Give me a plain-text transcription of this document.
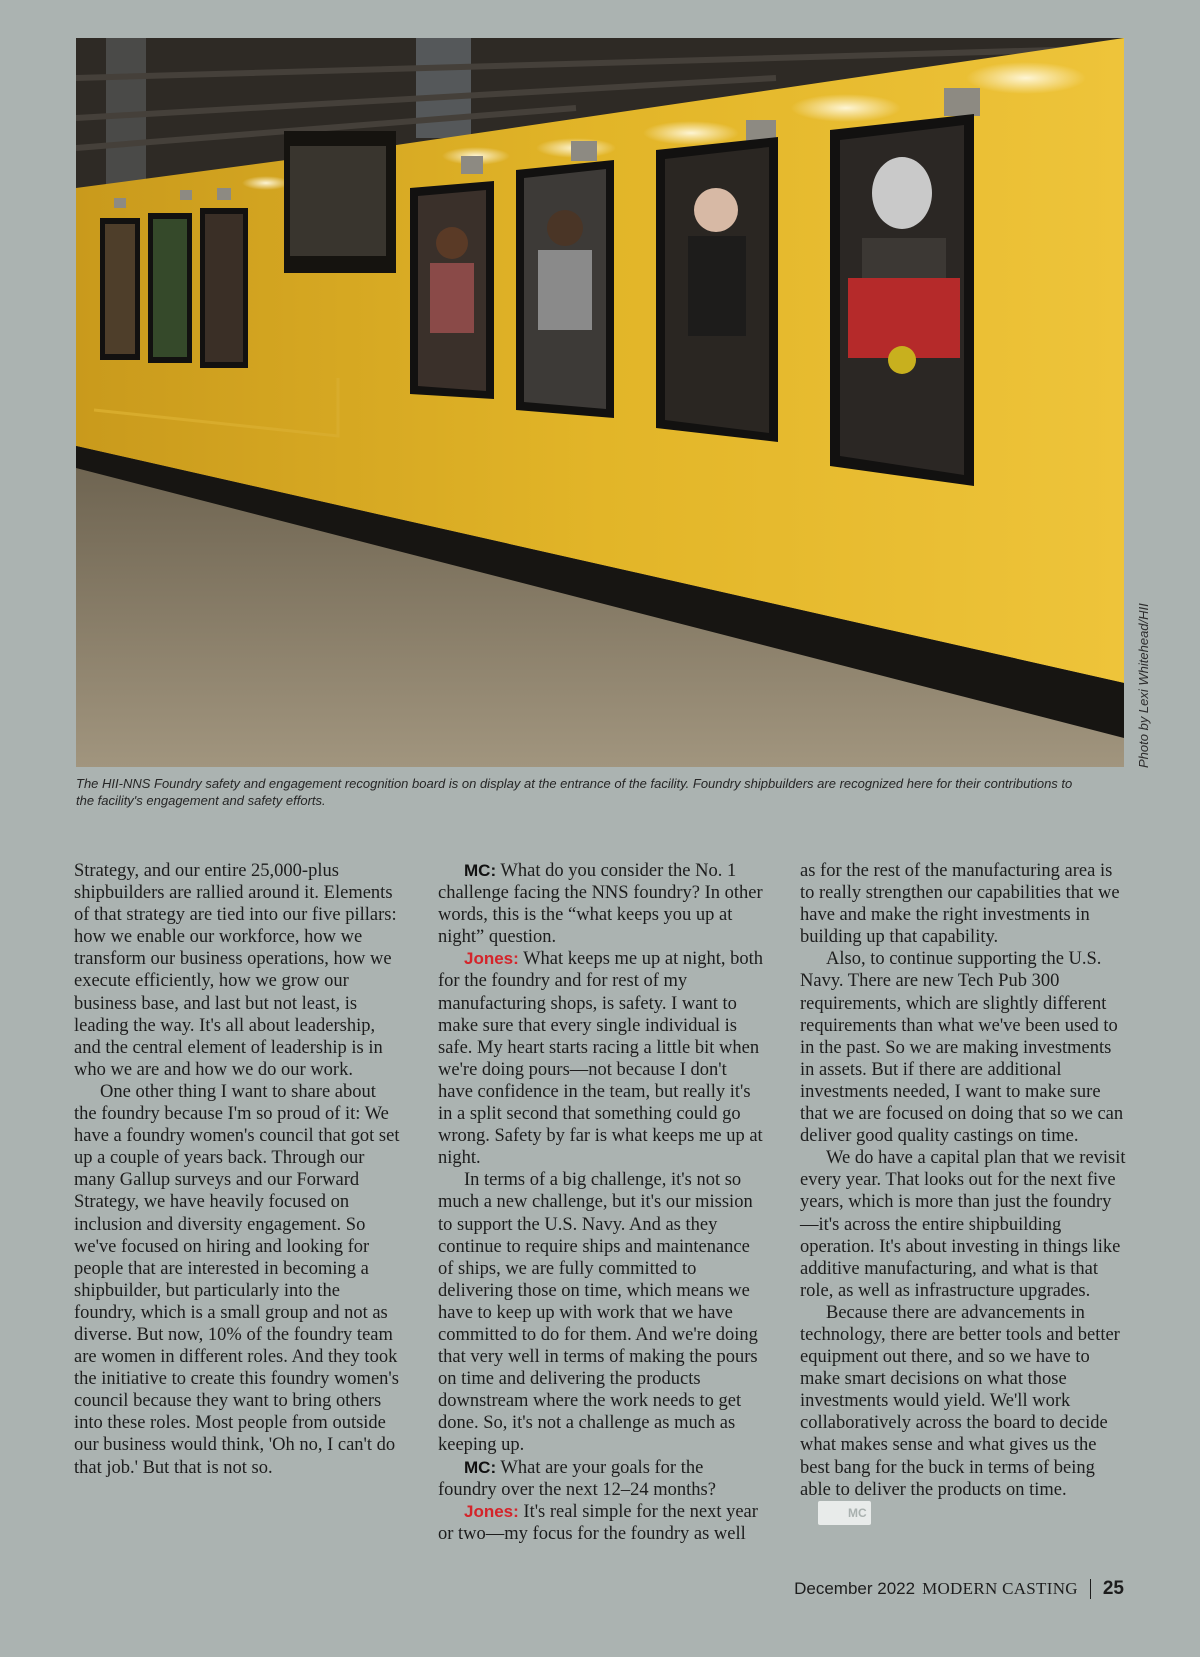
Photo by Lexi Whitehead/HII
The HII-NNS Foundry safety and engagement recognition board is on display at the entrance of the facility. Foundry shipbuilders are recognized here for their contributions to the facility's engagement and safety efforts.

Strategy, and our entire 25,000-plus shipbuilders are rallied around it. Elements of that strategy are tied into our five pillars: how we enable our workforce, how we transform our business operations, how we execute efficiently, how we grow our business base, and last but not least, is leading the way. It's all about leadership, and the central element of leadership is in who we are and how we do our work.

One other thing I want to share about the foundry because I'm so proud of it: We have a foundry women's council that got set up a couple of years back. Through our many Gallup surveys and our Forward Strategy, we have heavily focused on inclusion and diversity engagement. So we've focused on hiring and looking for people that are interested in becoming a shipbuilder, but particularly into the foundry, which is a small group and not as diverse. But now, 10% of the foundry team are women in different roles. And they took the initiative to create this foundry women's council because they want to bring others into these roles. Most people from outside our business would think, 'Oh no, I can't do that job.' But that is not so.

MC: What do you consider the No. 1 challenge facing the NNS foundry? In other words, this is the “what keeps you up at night” question.

Jones: What keeps me up at night, both for the foundry and for rest of my manufacturing shops, is safety. I want to make sure that every single individual is safe. My heart starts racing a little bit when we're doing pours—not because I don't have confidence in the team, but really it's in a split second that something could go wrong. Safety by far is what keeps me up at night.

In terms of a big challenge, it's not so much a new challenge, but it's our mission to support the U.S. Navy. And as they continue to require ships and maintenance of ships, we are fully committed to delivering those on time, which means we have to keep up with work that we have committed to do for them. And we're doing that very well in terms of making the pours on time and delivering the products downstream where the work needs to get done. So, it's not a challenge as much as keeping up.

MC: What are your goals for the foundry over the next 12–24 months?

Jones: It's real simple for the next year or two—my focus for the foundry as well

as for the rest of the manufacturing area is to really strengthen our capabilities that we have and make the right investments in building up that capability.

Also, to continue supporting the U.S. Navy. There are new Tech Pub 300 requirements, which are slightly different requirements than what we've been used to in the past. So we are making investments in assets. But if there are additional investments needed, I want to make sure that we are focused on doing that so we can deliver good quality castings on time.

We do have a capital plan that we revisit every year. That looks out for the next five years, which is more than just the foundry—it's across the entire shipbuilding operation. It's about investing in things like additive manufacturing, and what is that role, as well as infrastructure upgrades.

Because there are advancements in technology, there are better tools and better equipment out there, and so we have to make smart decisions on what those investments would yield. We'll work collaboratively across the board to decide what makes sense and what gives us the best bang for the buck in terms of being able to deliver the products on time.MC

December 2022 MODERN CASTING 25
